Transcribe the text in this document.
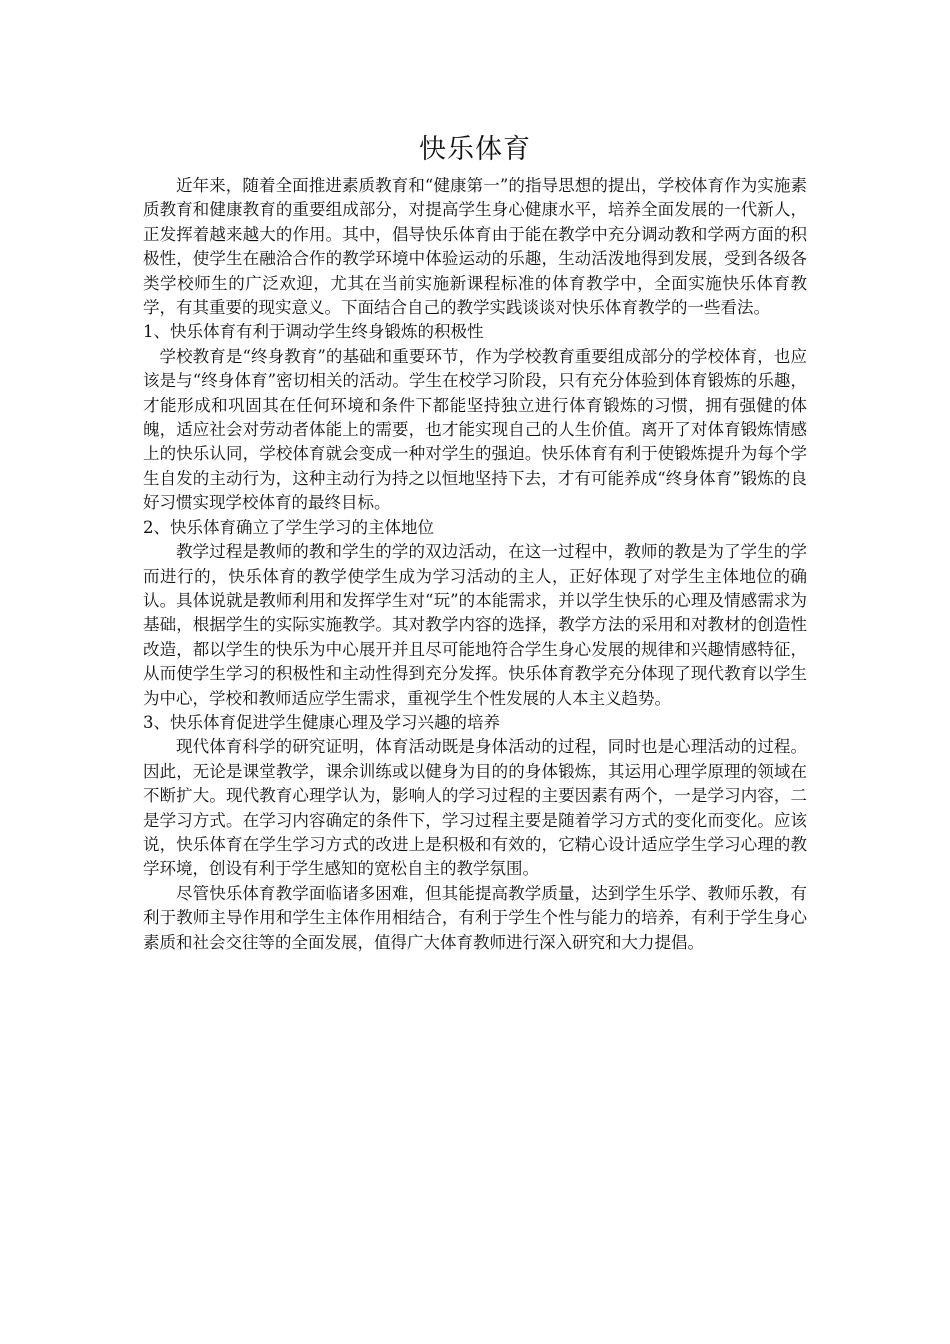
快乐体育

近年来，随着全面推进素质教育和“健康第一”的指导思想的提出，学校体育作为实施素质教育和健康教育的重要组成部分，对提高学生身心健康水平，培养全面发展的一代新人，正发挥着越来越大的作用。其中，倡导快乐体育由于能在教学中充分调动教和学两方面的积极性，使学生在融洽合作的教学环境中体验运动的乐趣，生动活泼地得到发展，受到各级各类学校师生的广泛欢迎，尤其在当前实施新课程标准的体育教学中，全面实施快乐体育教学，有其重要的现实意义。下面结合自己的教学实践谈谈对快乐体育教学的一些看法。

1、快乐体育有利于调动学生终身锻炼的积极性

学校教育是“终身教育”的基础和重要环节，作为学校教育重要组成部分的学校体育，也应该是与“终身体育”密切相关的活动。学生在校学习阶段，只有充分体验到体育锻炼的乐趣，才能形成和巩固其在任何环境和条件下都能坚持独立进行体育锻炼的习惯，拥有强健的体魄，适应社会对劳动者体能上的需要，也才能实现自己的人生价值。离开了对体育锻炼情感上的快乐认同，学校体育就会变成一种对学生的强迫。快乐体育有利于使锻炼提升为每个学生自发的主动行为，这种主动行为持之以恒地坚持下去，才有可能养成“终身体育”锻炼的良好习惯实现学校体育的最终目标。

2、快乐体育确立了学生学习的主体地位

教学过程是教师的教和学生的学的双边活动，在这一过程中，教师的教是为了学生的学而进行的，快乐体育的教学使学生成为学习活动的主人，正好体现了对学生主体地位的确认。具体说就是教师利用和发挥学生对“玩”的本能需求，并以学生快乐的心理及情感需求为基础，根据学生的实际实施教学。其对教学内容的选择，教学方法的采用和对教材的创造性改造，都以学生的快乐为中心展开并且尽可能地符合学生身心发展的规律和兴趣情感特征，从而使学生学习的积极性和主动性得到充分发挥。快乐体育教学充分体现了现代教育以学生为中心，学校和教师适应学生需求，重视学生个性发展的人本主义趋势。

3、快乐体育促进学生健康心理及学习兴趣的培养

现代体育科学的研究证明，体育活动既是身体活动的过程，同时也是心理活动的过程。因此，无论是课堂教学，课余训练或以健身为目的的身体锻炼，其运用心理学原理的领域在不断扩大。现代教育心理学认为，影响人的学习过程的主要因素有两个，一是学习内容，二是学习方式。在学习内容确定的条件下，学习过程主要是随着学习方式的变化而变化。应该说，快乐体育在学生学习方式的改进上是积极和有效的，它精心设计适应学生学习心理的教学环境，创设有利于学生感知的宽松自主的教学氛围。

尽管快乐体育教学面临诸多困难，但其能提高教学质量，达到学生乐学、教师乐教，有利于教师主导作用和学生主体作用相结合，有利于学生个性与能力的培养，有利于学生身心素质和社会交往等的全面发展，值得广大体育教师进行深入研究和大力提倡。
